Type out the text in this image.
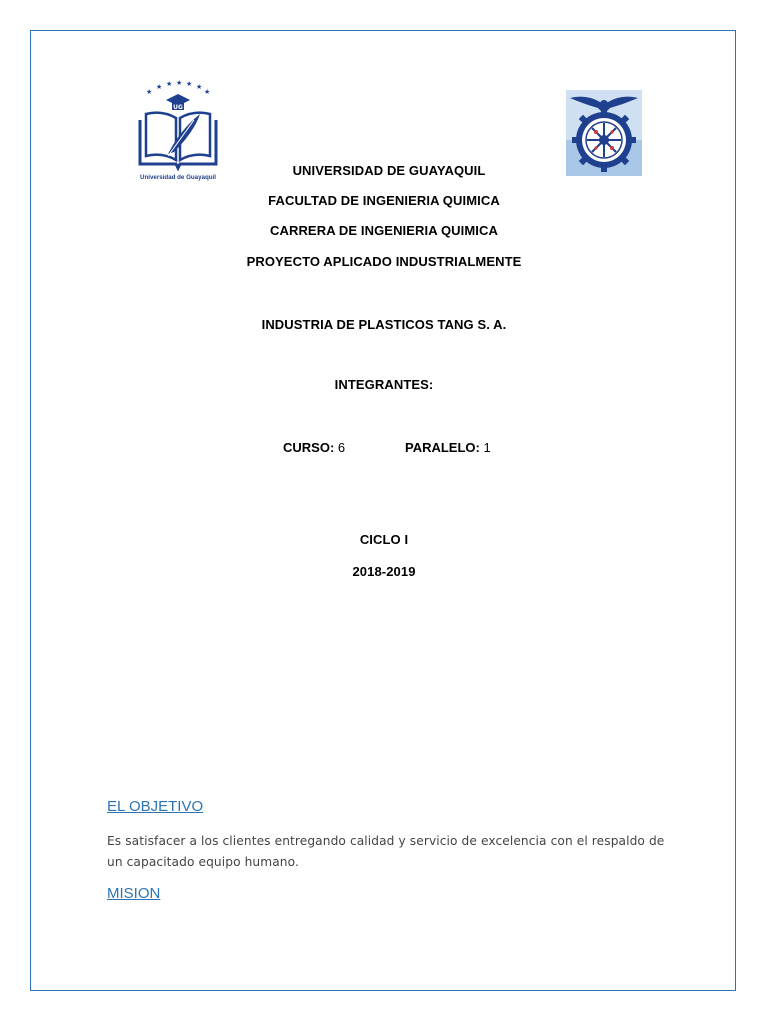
★
★ ★ ★ ★ ★
★
UG
Universidad de Guayaquil	UNIVERSIDAD DE GUAYAQUIL
FACULTAD DE INGENIERIA QUIMICA
CARRERA DE INGENIERIA QUIMICA
PROYECTO APLICADO INDUSTRIALMENTE
INDUSTRIA DE PLASTICOS TANG S. A.
INTEGRANTES:
CURSO: 6	PARALELO: 1
CICLO I
2018-2019
EL OBJETIVO
Es satisfacer a los clientes entregando calidad y servicio de excelencia con el respaldo de un capacitado equipo humano.
MISION
